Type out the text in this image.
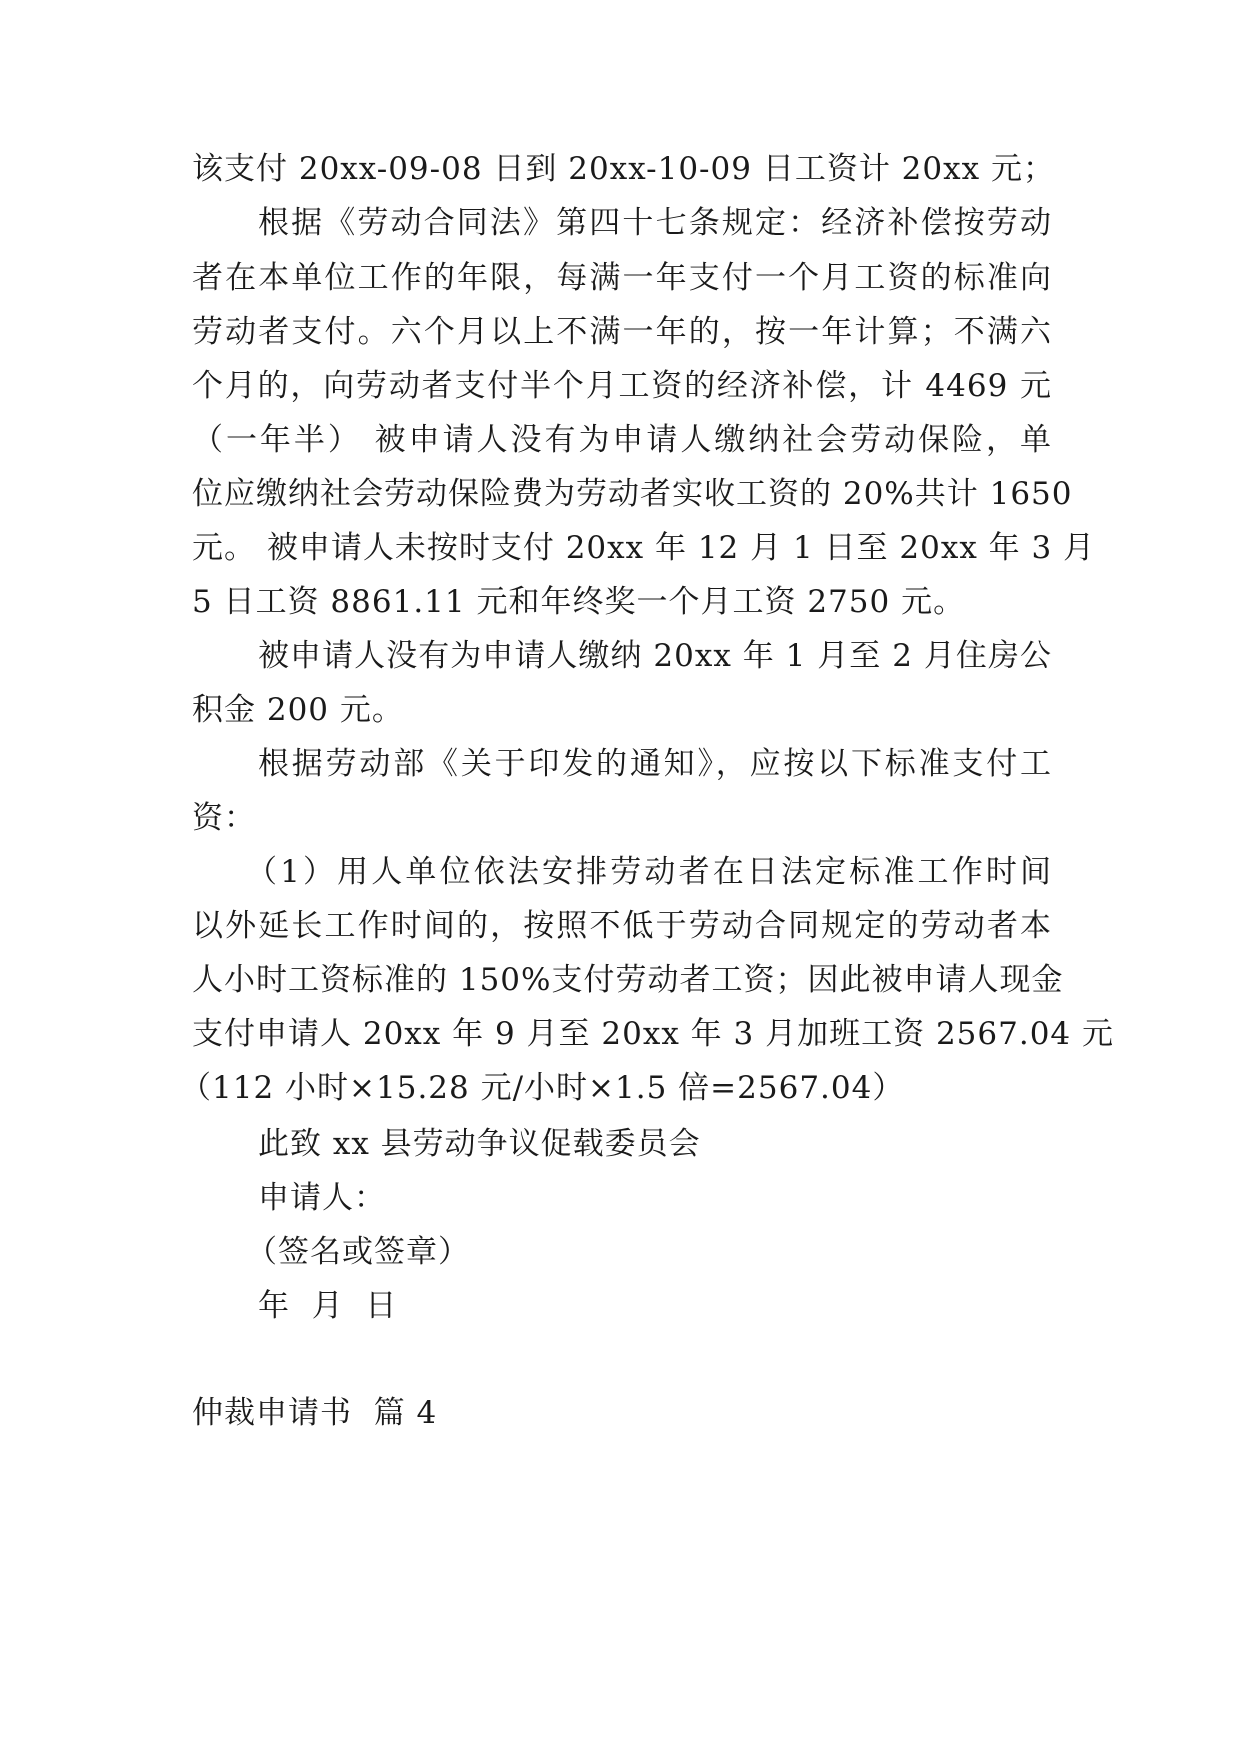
该支付 20xx-09-08 日到 20xx-10-09 日工资计 20xx 元；
根据《劳动合同法》第四十七条规定：经济补偿按劳动
者在本单位工作的年限，每满一年支付一个月工资的标准向
劳动者支付。六个月以上不满一年的，按一年计算；不满六
个月的，向劳动者支付半个月工资的经济补偿，计 4469 元
（一年半） 被申请人没有为申请人缴纳社会劳动保险，单
位应缴纳社会劳动保险费为劳动者实收工资的 20%共计 1650
元。 被申请人未按时支付 20xx 年 12 月 1 日至 20xx 年 3 月
5 日工资 8861.11 元和年终奖一个月工资 2750 元。
被申请人没有为申请人缴纳 20xx 年 1 月至 2 月住房公
积金 200 元。
根据劳动部《关于印发的通知》，应按以下标准支付工
资：
（1）用人单位依法安排劳动者在日法定标准工作时间
以外延长工作时间的，按照不低于劳动合同规定的劳动者本
人小时工资标准的 150%支付劳动者工资；因此被申请人现金
支付申请人 20xx 年 9 月至 20xx 年 3 月加班工资 2567.04 元
（112 小时×15.28 元/小时×1.5 倍=2567.04）
此致 xx 县劳动争议促载委员会
申请人：
（签名或签章）
年  月  日
仲裁申请书  篇 4
